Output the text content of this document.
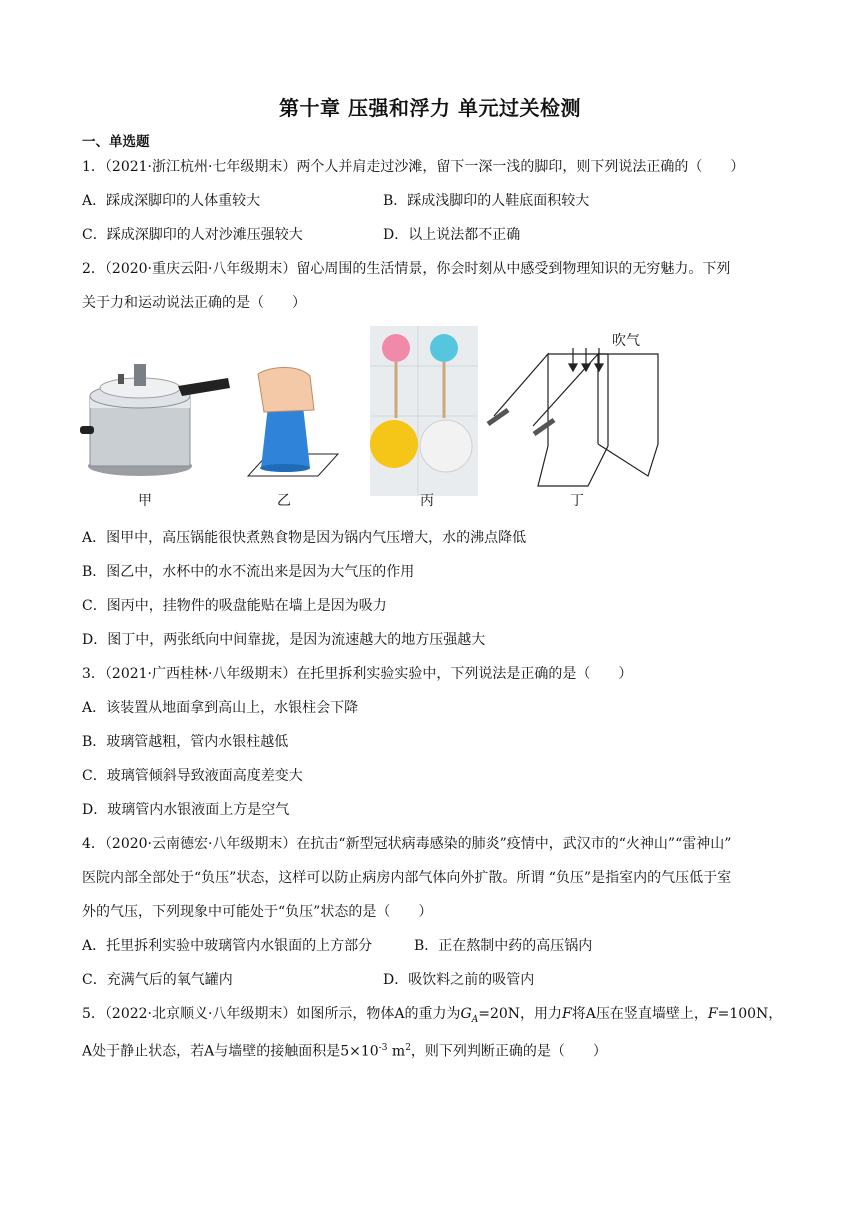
第十章 压强和浮力 单元过关检测
一、单选题
1．（2021·浙江杭州·七年级期末）两个人并肩走过沙滩，留下一深一浅的脚印，则下列说法正确的（　　）
A．踩成深脚印的人体重较大	B．踩成浅脚印的人鞋底面积较大
C．踩成深脚印的人对沙滩压强较大	D．以上说法都不正确
2．（2020·重庆云阳·八年级期末）留心周围的生活情景，你会时刻从中感受到物理知识的无穷魅力。下列
关于力和运动说法正确的是（　　）
吹气
甲	乙	丙	丁
A．图甲中，高压锅能很快煮熟食物是因为锅内气压增大，水的沸点降低
B．图乙中，水杯中的水不流出来是因为大气压的作用
C．图丙中，挂物件的吸盘能贴在墙上是因为吸力
D．图丁中，两张纸向中间靠拢，是因为流速越大的地方压强越大
3．（2021·广西桂林·八年级期末）在托里拆利实验实验中，下列说法是正确的是（　　）
A．该装置从地面拿到高山上，水银柱会下降
B．玻璃管越粗，管内水银柱越低
C．玻璃管倾斜导致液面高度差变大
D．玻璃管内水银液面上方是空气
4．（2020·云南德宏·八年级期末）在抗击“新型冠状病毒感染的肺炎”疫情中，武汉市的“火神山”“雷神山”
医院内部全部处于“负压”状态，这样可以防止病房内部气体向外扩散。所谓 “负压”是指室内的气压低于室
外的气压，下列现象中可能处于“负压”状态的是（　　）
A．托里拆利实验中玻璃管内水银面的上方部分	B．正在熬制中药的高压锅内
C．充满气后的氧气罐内	D．吸饮料之前的吸管内
5．（2022·北京顺义·八年级期末）如图所示，物体A的重力为$G_A=20N$，用力F将A压在竖直墙壁上，F=100N，
A处于静止状态，若A与墙壁的接触面积是$5\times 10^{-3}$ $m^2$，则下列判断正确的是（　　）
